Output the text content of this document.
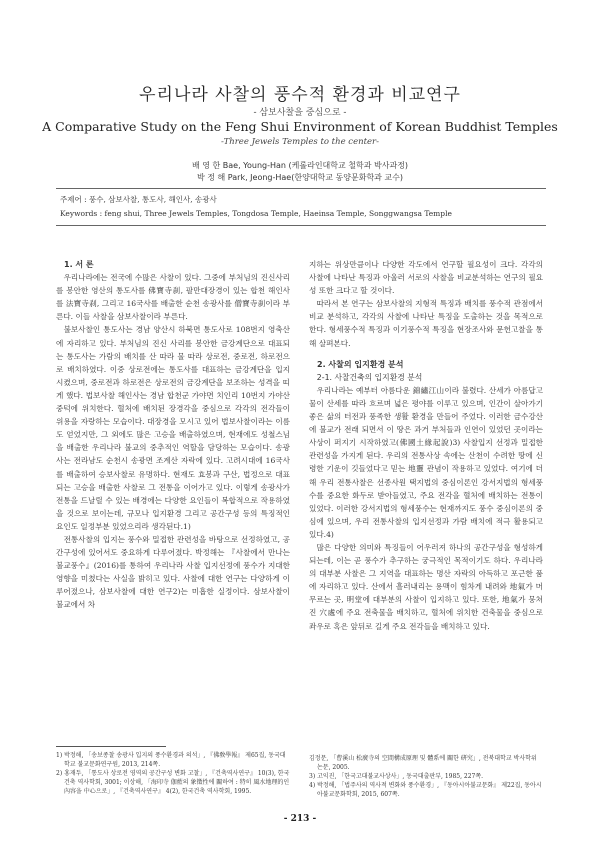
우리나라 사찰의 풍수적 환경과 비교연구
- 삼보사찰을 중심으로 -
A Comparative Study on the Feng Shui Environment of Korean Buddhist Temples
-Three Jewels Temples to the center-
배 영 한 Bae, Young-Han (케롤라인대학교 철학과 박사과정)
박 정 해 Park, Jeong-Hae(한양대학교 동양문화학과 교수)
주제어 : 풍수, 삼보사찰, 통도사, 해인사, 송광사
Keywords : feng shui, Three Jewels Temples, Tongdosa Temple, Haeinsa Temple, Songgwangsa Temple

1. 서 론

우리나라에는 전국에 수많은 사찰이 있다. 그중에 부처님의 진신사리를 봉안한 영산의 통도사를 佛寶寺刹, 팔만대장경이 있는 합천 해인사를 法寶寺刹, 그리고 16국사를 배출한 순천 송광사를 僧寶寺刹이라 부른다. 이들 사찰을 삼보사찰이라 부른다.

불보사찰인 통도사는 경남 양산시 하북면 통도사로 108번지 영축산에 자리하고 있다. 부처님의 진신 사리를 봉안한 금강계단으로 대표되는 통도사는 가람의 배치를 산 따라 물 따라 상로전, 중로전, 하로전으로 배치하였다. 이중 상로전에는 통도사를 대표하는 금강계단을 입지 시켰으며, 중로전과 하로전은 상로전의 금강계단을 보조하는 성격을 띠게 했다. 법보사찰 해인사는 경남 합천군 가야면 치인리 10번지 가야산 중턱에 위치한다. 혈처에 배치된 장경각을 중심으로 각각의 전각들이 위용을 자랑하는 모습이다. 대장경을 모시고 있어 법보사찰이라는 이름도 얻었지만, 그 외에도 많은 고승을 배출하였으며, 현재에도 성철스님을 배출한 우리나라 불교의 중추적인 역할을 담당하는 모습이다. 송광사는 전라남도 순천시 송광면 조계산 자락에 있다. 고려시대에 16국사를 배출하여 승보사찰로 유명하다. 현재도 효봉과 구산, 법정으로 대표되는 고승을 배출한 사찰로 그 전통을 이어가고 있다. 이렇게 송광사가 전통을 드날릴 수 있는 배경에는 다양한 요인들이 복합적으로 작용하였을 것으로 보이는데, 규모나 입지환경 그리고 공간구성 등의 특징적인 요인도 일정부분 있었으리라 생각된다.1)

전통사찰의 입지는 풍수와 밀접한 관련성을 바탕으로 선정하였고, 공간구성에 있어서도 중요하게 다루어졌다. 박정해는 『사찰에서 만나는 불교풍수』(2016)를 통하여 우리나라 사찰 입지선정에 풍수가 지대한 영향을 미쳤다는 사실을 밝히고 있다. 사찰에 대한 연구는 다양하게 이루어졌으나, 삼보사찰에 대한 연구2)는 미흡한 실정이다. 삼보사찰이 불교에서 차

지하는 위상만큼이나 다양한 각도에서 연구할 필요성이 크다. 각각의 사찰에 나타난 특징과 아울러 서로의 사찰을 비교분석하는 연구의 필요성 또한 크다고 할 것이다.

따라서 본 연구는 삼보사찰의 지형적 특징과 배치를 풍수적 관점에서 비교 분석하고, 각각의 사찰에 나타난 특징을 도출하는 것을 목적으로 한다. 형세풍수적 특징과 이기풍수적 특징을 현장조사와 문헌고찰을 통해 살펴본다.

2. 사찰의 입지환경 분석

2-1. 사찰건축의 입지환경 분석

우리나라는 예부터 아름다운 錦繡江山이라 불렸다. 산세가 아름답고 물이 산세를 따라 흐르며 넓은 평야를 이루고 있으며, 인간이 살아가기 좋은 삶의 터전과 풍족한 생활 환경을 만들어 주었다. 이러한 금수강산에 불교가 전래 되면서 이 땅은 과거 부처들과 인연이 있었던 곳이라는 사상이 퍼지기 시작하였고(佛國土緣起說)3) 사찰입지 선정과 밀접한 관련성을 가지게 된다. 우리의 전통사상 속에는 산천이 수려한 땅에 신령한 기운이 깃들었다고 믿는 地靈 관념이 작용하고 있었다. 여기에 더해 우리 전통사찰은 선종사원 택지법의 중심이론인 강서지법의 형세풍수를 중요한 화두로 받아들였고, 주요 전각을 혈처에 배치하는 전통이 있었다. 이러한 강서지법의 형세풍수는 현재까지도 풍수 중심이론의 중심에 있으며, 우리 전통사찰의 입지선정과 가람 배치에 적극 활용되고 있다.4)

많은 다양한 의미와 특징들이 어우러져 하나의 공간구성을 형성하게 되는데, 이는 곧 풍수가 추구하는 궁극적인 목적이기도 하다. 우리나라의 대부분 사찰은 그 지역을 대표하는 명산 자락의 아득하고 포근한 품에 자리하고 있다. 산에서 흘러내리는 용맥이 힘차게 내려와 地氣가 머무르는 곳, 明堂에 대부분의 사찰이 입지하고 있다. 또한, 地氣가 뭉쳐진 穴處에 주요 전축물을 배치하고, 혈처에 위치한 건축물을 중심으로 좌우로 혹은 앞뒤로 길게 주요 전각들을 배치하고 있다.

1) 박정해, 「송보종찰 송광사 입지의 풍수환경과 의석」, 『佛敎學報』 제65집, 동국대학교 불교문화연구원, 2013, 214쪽.
2) 홍재두, 「통도사 상로전 영역의 공간구성 변화 고찰」, 『건축역사연구』 10(3), 한국건축 역사학회, 3001; 이상해, 「海印寺 伽藍의 象徵性에 關하여 : 特히 風水地理的인 內容을 中心으로」, 『건축역사연구』 4(2), 한국건축 역사학회, 1995.
김정문, 「曹溪山 松廣寺의 空間構成原理 및 體系에 關한 硏究」, 전북대학교 박사학위 논문, 2005.
3) 고익진, 「한국고대불교사상사」, 동국대출판부, 1985, 227쪽.
4) 박정해, 「법주사의 역사적 변화와 풍수환경」, 『동아시아불교문화』 제22집, 동아시아불교문화학회, 2015, 607쪽.
- 213 -
